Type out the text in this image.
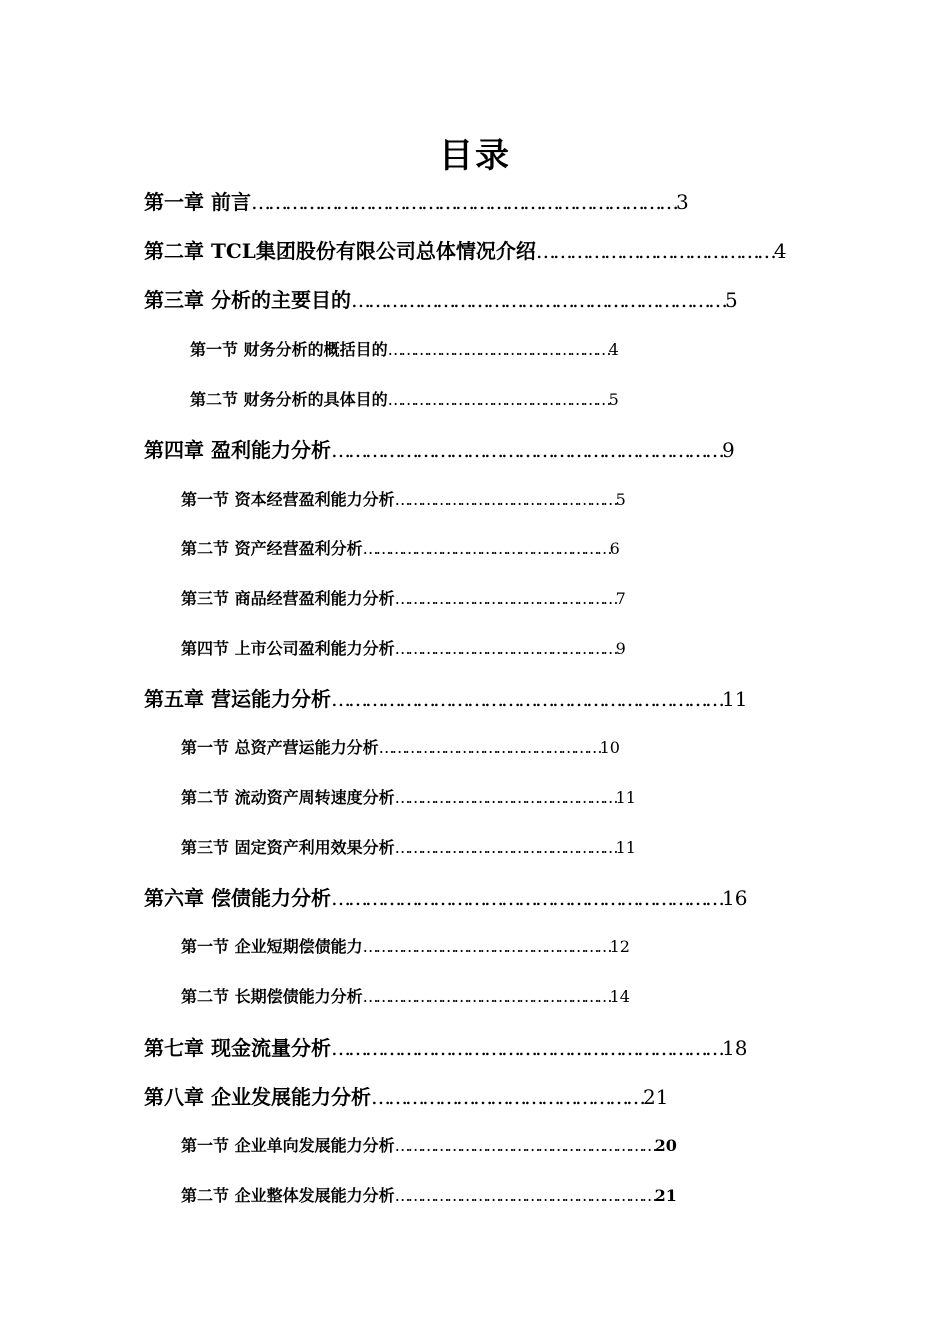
目录
第一章 前言…………………………………………………………………3
第二章 TCL集团股份有限公司总体情况介绍……………………………………4
第三章 分析的主要目的…………………………………………………………5
第一节 财务分析的概括目的……………………………………………4
第二节 财务分析的具体目的……………………………………………5
第四章 盈利能力分析……………………………………………………………9
第一节 资本经营盈利能力分析……………………………………………5
第二节 资产经营盈利分析…………………………………………………6
第三节 商品经营盈利能力分析……………………………………………7
第四节 上市公司盈利能力分析……………………………………………9
第五章 营运能力分析……………………………………………………………11
第一节 总资产营运能力分析……………………………………………10
第二节 流动资产周转速度分析……………………………………………11
第三节 固定资产利用效果分析……………………………………………11
第六章 偿债能力分析……………………………………………………………16
第一节 企业短期偿债能力…………………………………………………12
第二节 长期偿债能力分析…………………………………………………14
第七章 现金流量分析……………………………………………………………18
第八章 企业发展能力分析…………………………………………21
第一节 企业单向发展能力分析……………………………………………………20
第二节 企业整体发展能力分析……………………………………………………21
